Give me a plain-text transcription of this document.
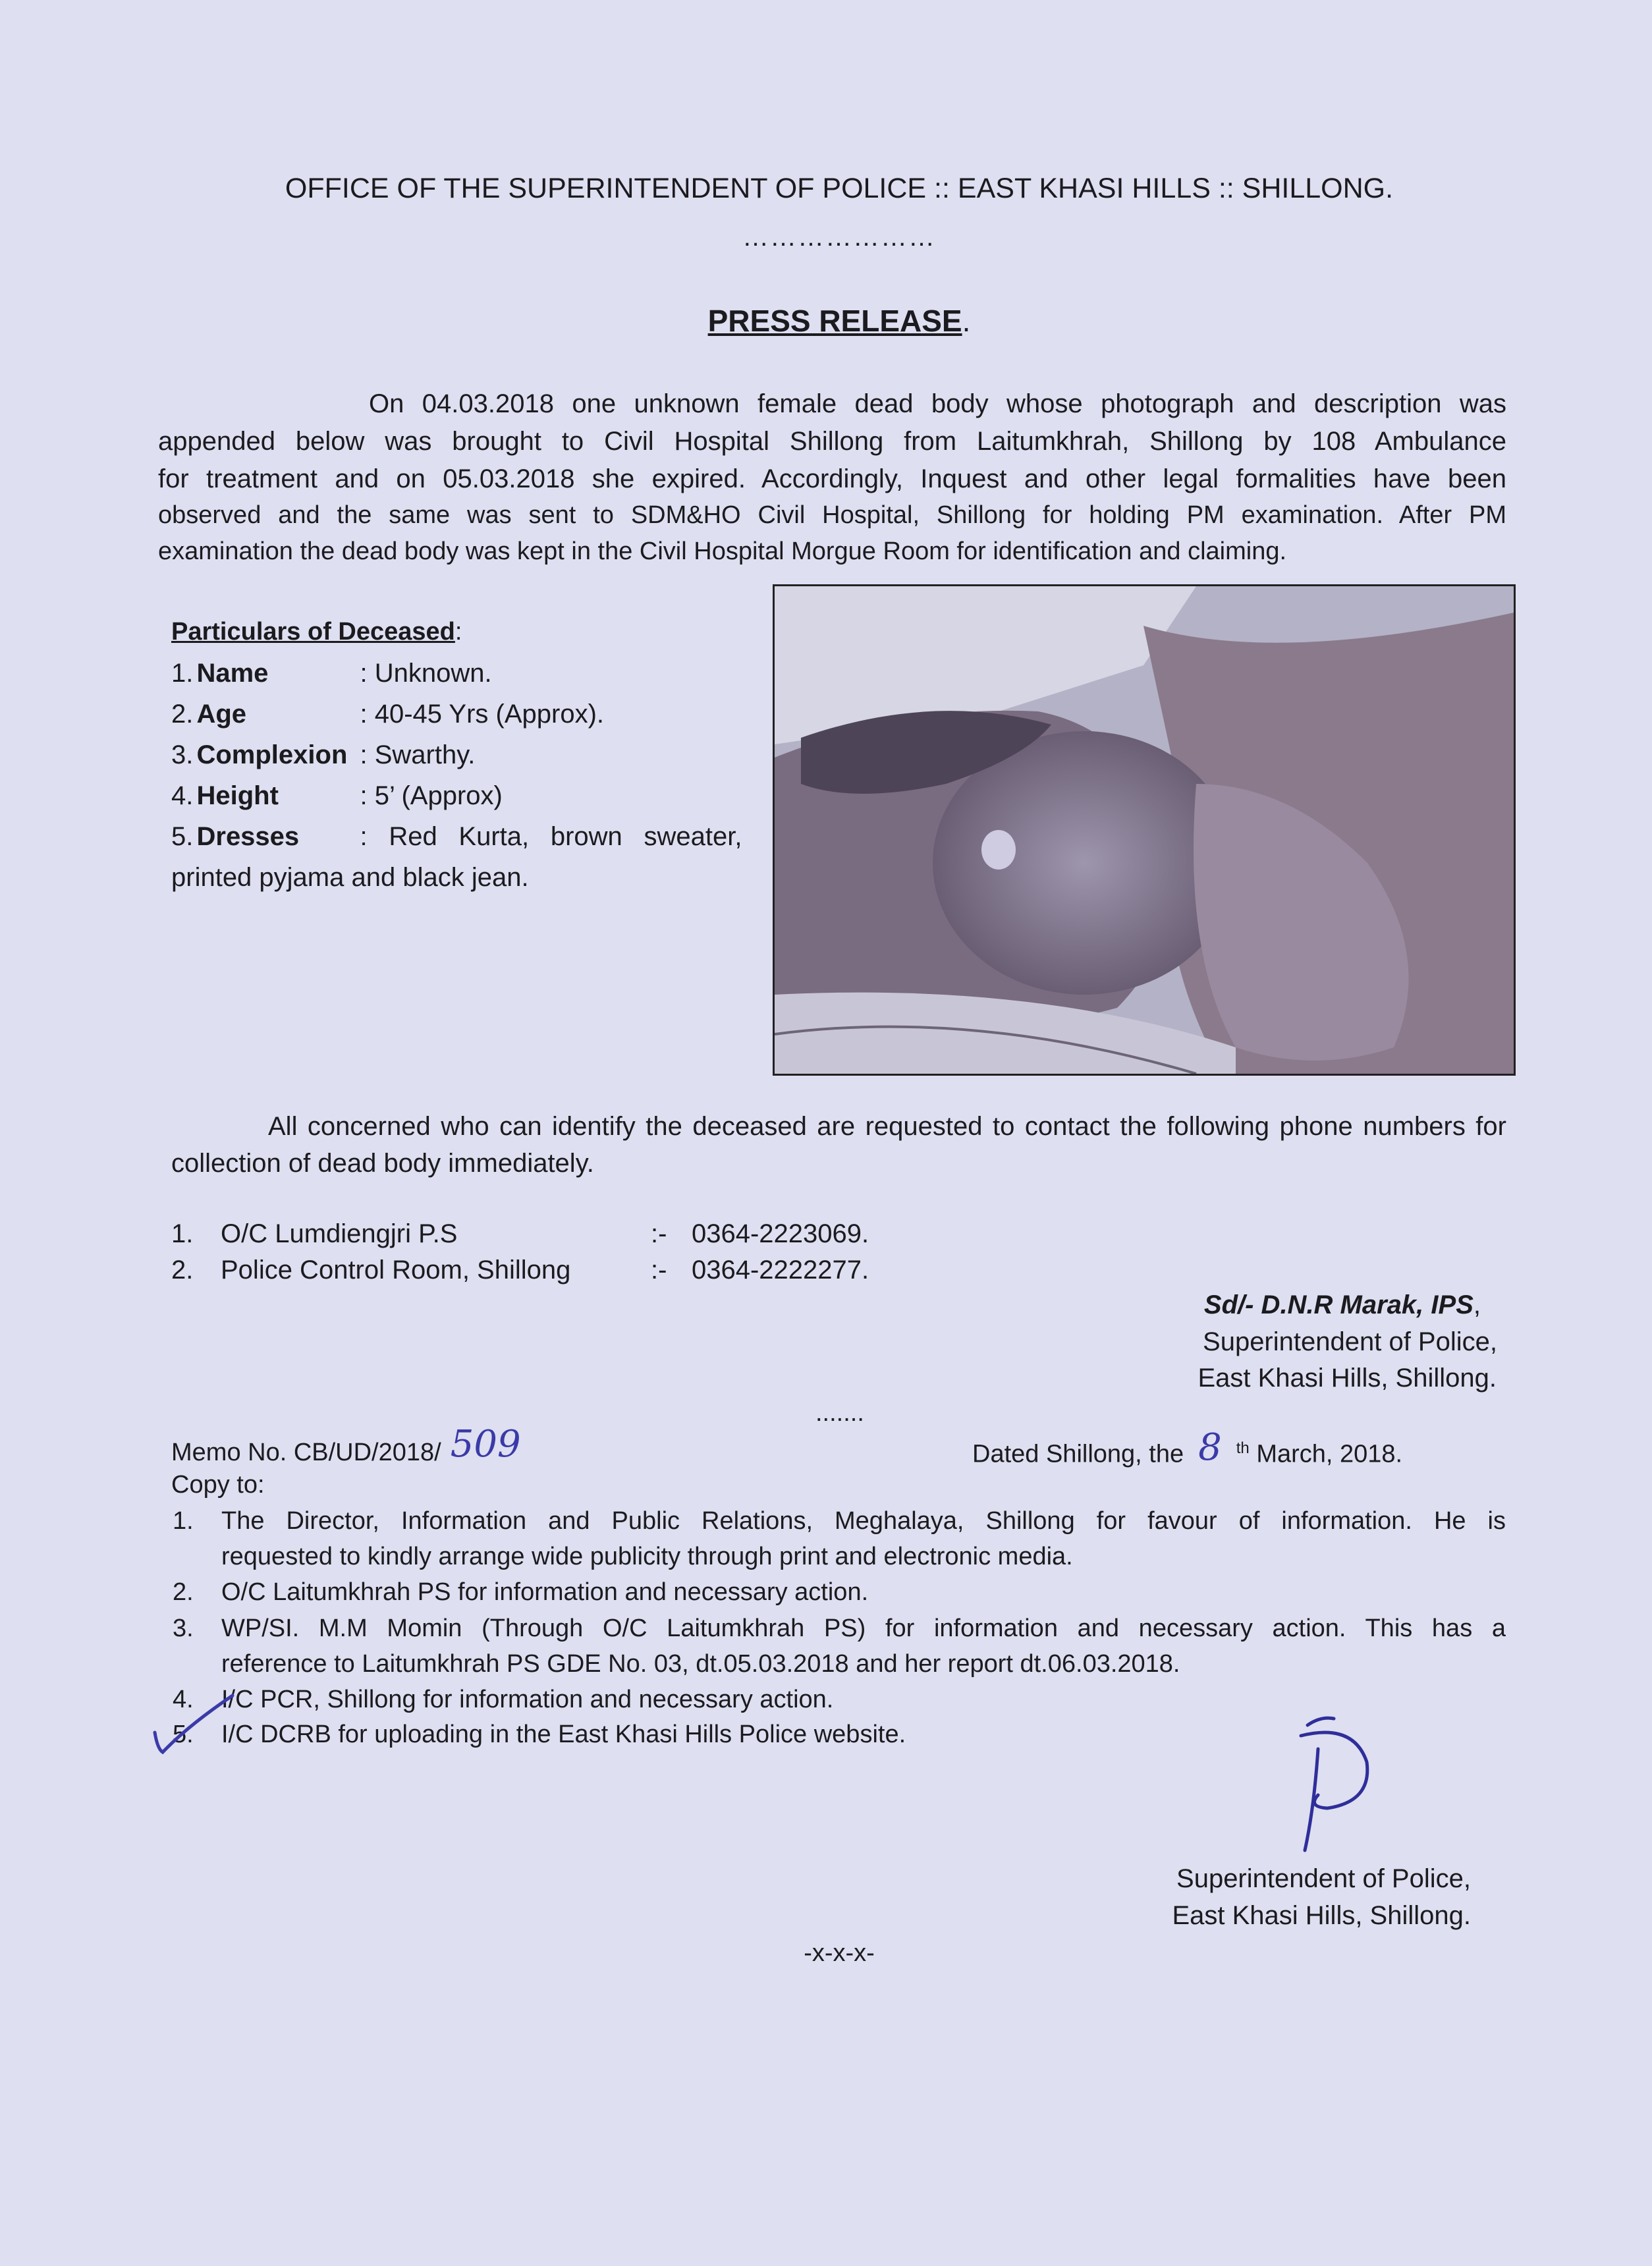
OFFICE OF THE SUPERINTENDENT OF POLICE :: EAST KHASI HILLS :: SHILLONG.
…………………
PRESS RELEASE.
On 04.03.2018 one unknown female dead body whose photograph and description was
appended below was brought to Civil Hospital Shillong from Laitumkhrah, Shillong by 108 Ambulance
for treatment and on 05.03.2018 she expired. Accordingly, Inquest and other legal formalities have been
observed and the same was sent to SDM&HO Civil Hospital, Shillong for holding PM examination. After PM
examination the dead body was kept in the Civil Hospital Morgue Room for identification and claiming.
Particulars of Deceased:
1. Name	: Unknown.
2. Age	: 40-45 Yrs (Approx).
3. Complexion : Swarthy.
4. Height	: 5’ (Approx)
5. Dresses : Red Kurta, brown sweater,
printed pyjama and black jean.
All concerned who can identify the deceased are requested to contact the following phone numbers for
collection of dead body immediately.
1. O/C Lumdiengjri P.S	:- 0364-2223069.
2. Police Control Room, Shillong	:- 0364-2222277.
Sd/- D.N.R Marak, IPS,
Superintendent of Police,
East Khasi Hills, Shillong.
.......
Memo No. CB/UD/2018/ 509	Dated Shillong, the 8 $^{th}$ March, 2018.
Copy to:
1. The Director, Information and Public Relations, Meghalaya, Shillong for favour of information. He is
requested to kindly arrange wide publicity through print and electronic media.
2. O/C Laitumkhrah PS for information and necessary action.
3. WP/SI. M.M Momin (Through O/C Laitumkhrah PS) for information and necessary action. This has a
reference to Laitumkhrah PS GDE No. 03, dt.05.03.2018 and her report dt.06.03.2018.
4. I/C PCR, Shillong for information and necessary action.
5. I/C DCRB for uploading in the East Khasi Hills Police website.
Superintendent of Police,
East Khasi Hills, Shillong.
-x-x-x-
